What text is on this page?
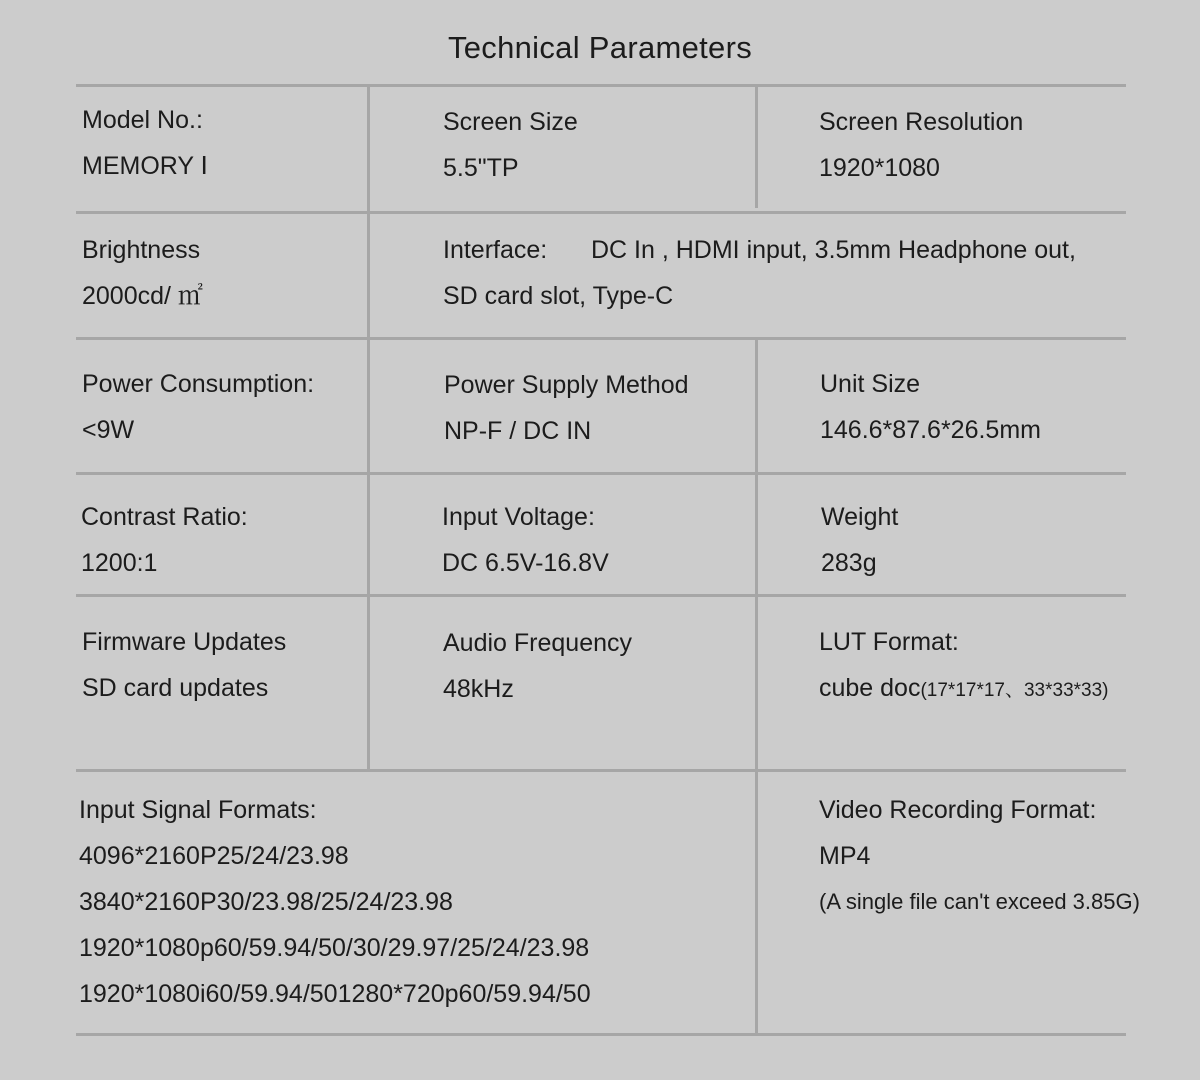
Technical Parameters
Model No.:
MEMORY Ⅰ
Screen Size
5.5"TP
Screen Resolution
1920*1080
Brightness
2000cd/ ㎡
Interface: DC In , HDMI input, 3.5mm Headphone out,
SD card slot, Type-C
Power Consumption:
<9W
Power Supply Method
NP-F / DC IN
Unit Size
146.6*87.6*26.5mm
Contrast Ratio:
1200:1
Input Voltage:
DC 6.5V-16.8V
Weight
283g
Firmware Updates
SD card updates
Audio Frequency
48kHz
LUT Format:
cube doc(17*17*17、33*33*33)
Input Signal Formats:
4096*2160P25/24/23.98
3840*2160P30/23.98/25/24/23.98
1920*1080p60/59.94/50/30/29.97/25/24/23.98
1920*1080i60/59.94/501280*720p60/59.94/50
Video Recording Format:
MP4
(A single file can't exceed 3.85G)
